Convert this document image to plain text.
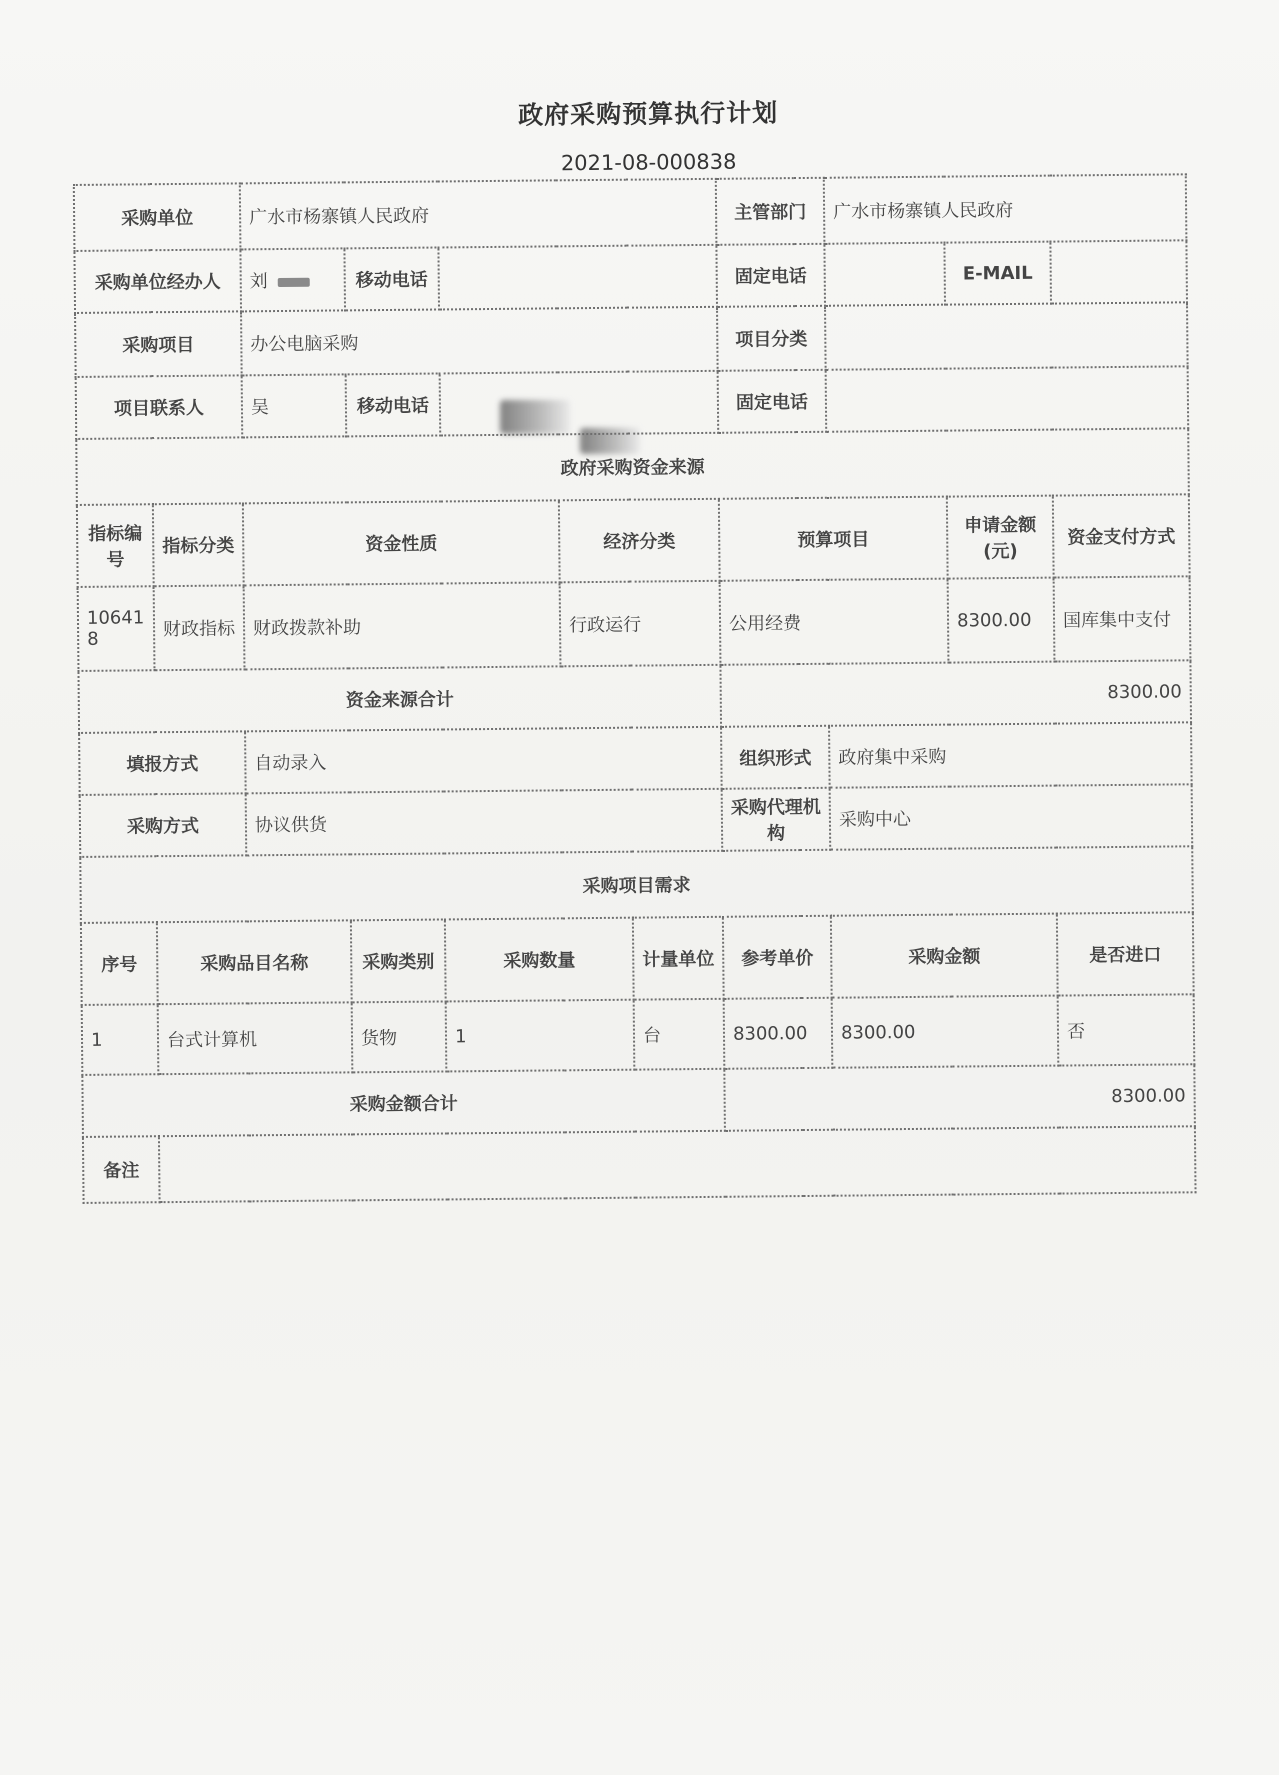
政府采购预算执行计划
2021-08-000838
采购单位		广水市杨寨镇人民政府					主管部门	广水市杨寨镇人民政府		
采购单位经办人		刘	移动电话				固定电话		E-MAIL	
采购项目		办公电脑采购					项目分类			
项目联系人		吴	移动电话				固定电话			
政府采购资金来源										
指标编号	指标分类	资金性质			经济分类		预算项目		申请金额(元)	资金支付方式
106418	财政指标	财政拨款补助			行政运行		公用经费		8300.00	国库集中支付
资金来源合计							8300.00			
填报方式		自动录入					组织形式	政府集中采购		
采购方式		协议供货					采购代理机构	采购中心		
采购项目需求										
序号	采购品目名称		采购类别	采购数量		计量单位	参考单价	采购金额		是否进口
1	台式计算机		货物	1		台	8300.00	8300.00		否
采购金额合计							8300.00			
备注										
